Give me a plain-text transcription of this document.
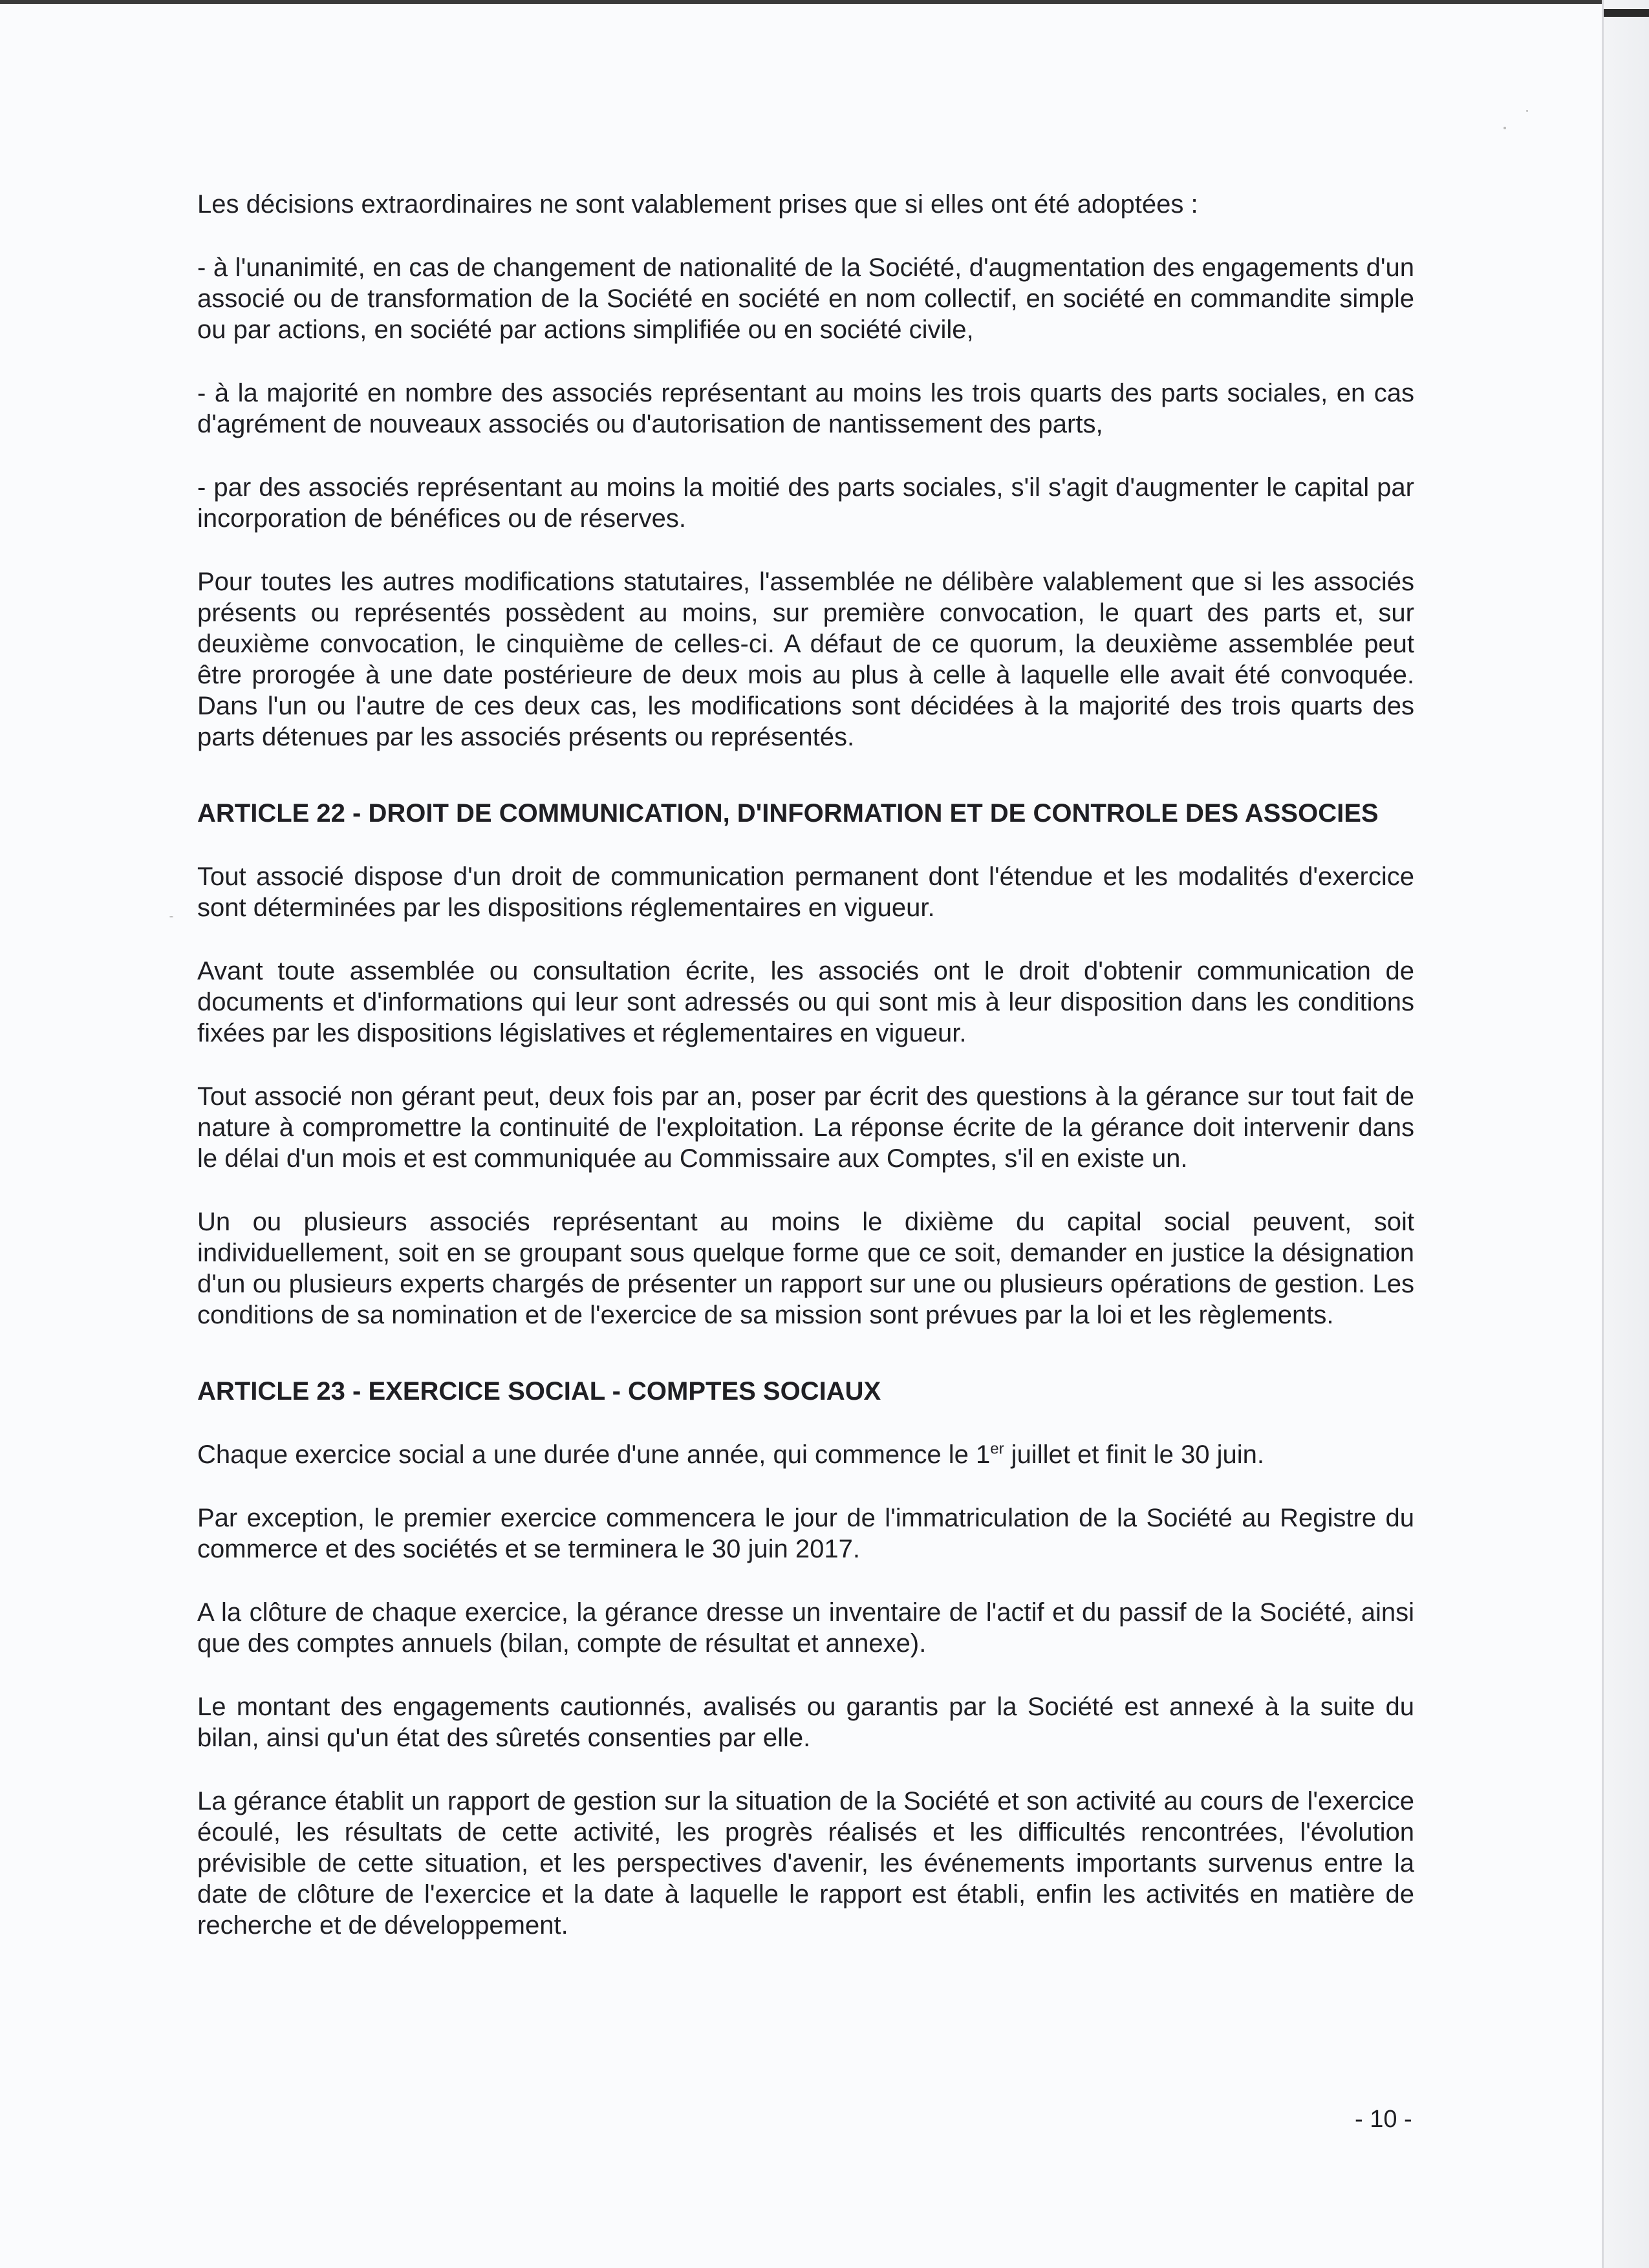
Les décisions extraordinaires ne sont valablement prises que si elles ont été adoptées :

- à l'unanimité, en cas de changement de nationalité de la Société, d'augmentation des engagements d'un associé ou de transformation de la Société en société en nom collectif, en société en commandite simple ou par actions, en société par actions simplifiée ou en société civile,

- à la majorité en nombre des associés représentant au moins les trois quarts des parts sociales, en cas d'agrément de nouveaux associés ou d'autorisation de nantissement des parts,

- par des associés représentant au moins la moitié des parts sociales, s'il s'agit d'augmenter le capital par incorporation de bénéfices ou de réserves.

Pour toutes les autres modifications statutaires, l'assemblée ne délibère valablement que si les associés présents ou représentés possèdent au moins, sur première convocation, le quart des parts et, sur deuxième convocation, le cinquième de celles-ci. A défaut de ce quorum, la deuxième assemblée peut être prorogée à une date postérieure de deux mois au plus à celle à laquelle elle avait été convoquée. Dans l'un ou l'autre de ces deux cas, les modifications sont décidées à la majorité des trois quarts des parts détenues par les associés présents ou représentés.

ARTICLE 22 - DROIT DE COMMUNICATION, D'INFORMATION ET DE CONTROLE DES ASSOCIES

Tout associé dispose d'un droit de communication permanent dont l'étendue et les modalités d'exercice sont déterminées par les dispositions réglementaires en vigueur.

Avant toute assemblée ou consultation écrite, les associés ont le droit d'obtenir communication de documents et d'informations qui leur sont adressés ou qui sont mis à leur disposition dans les conditions fixées par les dispositions législatives et réglementaires en vigueur.

Tout associé non gérant peut, deux fois par an, poser par écrit des questions à la gérance sur tout fait de nature à compromettre la continuité de l'exploitation. La réponse écrite de la gérance doit intervenir dans le délai d'un mois et est communiquée au Commissaire aux Comptes, s'il en existe un.

Un ou plusieurs associés représentant au moins le dixième du capital social peuvent, soit individuellement, soit en se groupant sous quelque forme que ce soit, demander en justice la désignation d'un ou plusieurs experts chargés de présenter un rapport sur une ou plusieurs opérations de gestion. Les conditions de sa nomination et de l'exercice de sa mission sont prévues par la loi et les règlements.

ARTICLE 23 - EXERCICE SOCIAL - COMPTES SOCIAUX

Chaque exercice social a une durée d'une année, qui commence le 1er juillet et finit le 30 juin.

Par exception, le premier exercice commencera le jour de l'immatriculation de la Société au Registre du commerce et des sociétés et se terminera le 30 juin 2017.

A la clôture de chaque exercice, la gérance dresse un inventaire de l'actif et du passif de la Société, ainsi que des comptes annuels (bilan, compte de résultat et annexe).

Le montant des engagements cautionnés, avalisés ou garantis par la Société est annexé à la suite du bilan, ainsi qu'un état des sûretés consenties par elle.

La gérance établit un rapport de gestion sur la situation de la Société et son activité au cours de l'exercice écoulé, les résultats de cette activité, les progrès réalisés et les difficultés rencontrées, l'évolution prévisible de cette situation, et les perspectives d'avenir, les événements importants survenus entre la date de clôture de l'exercice et la date à laquelle le rapport est établi, enfin les activités en matière de recherche et de développement.

- 10 -
